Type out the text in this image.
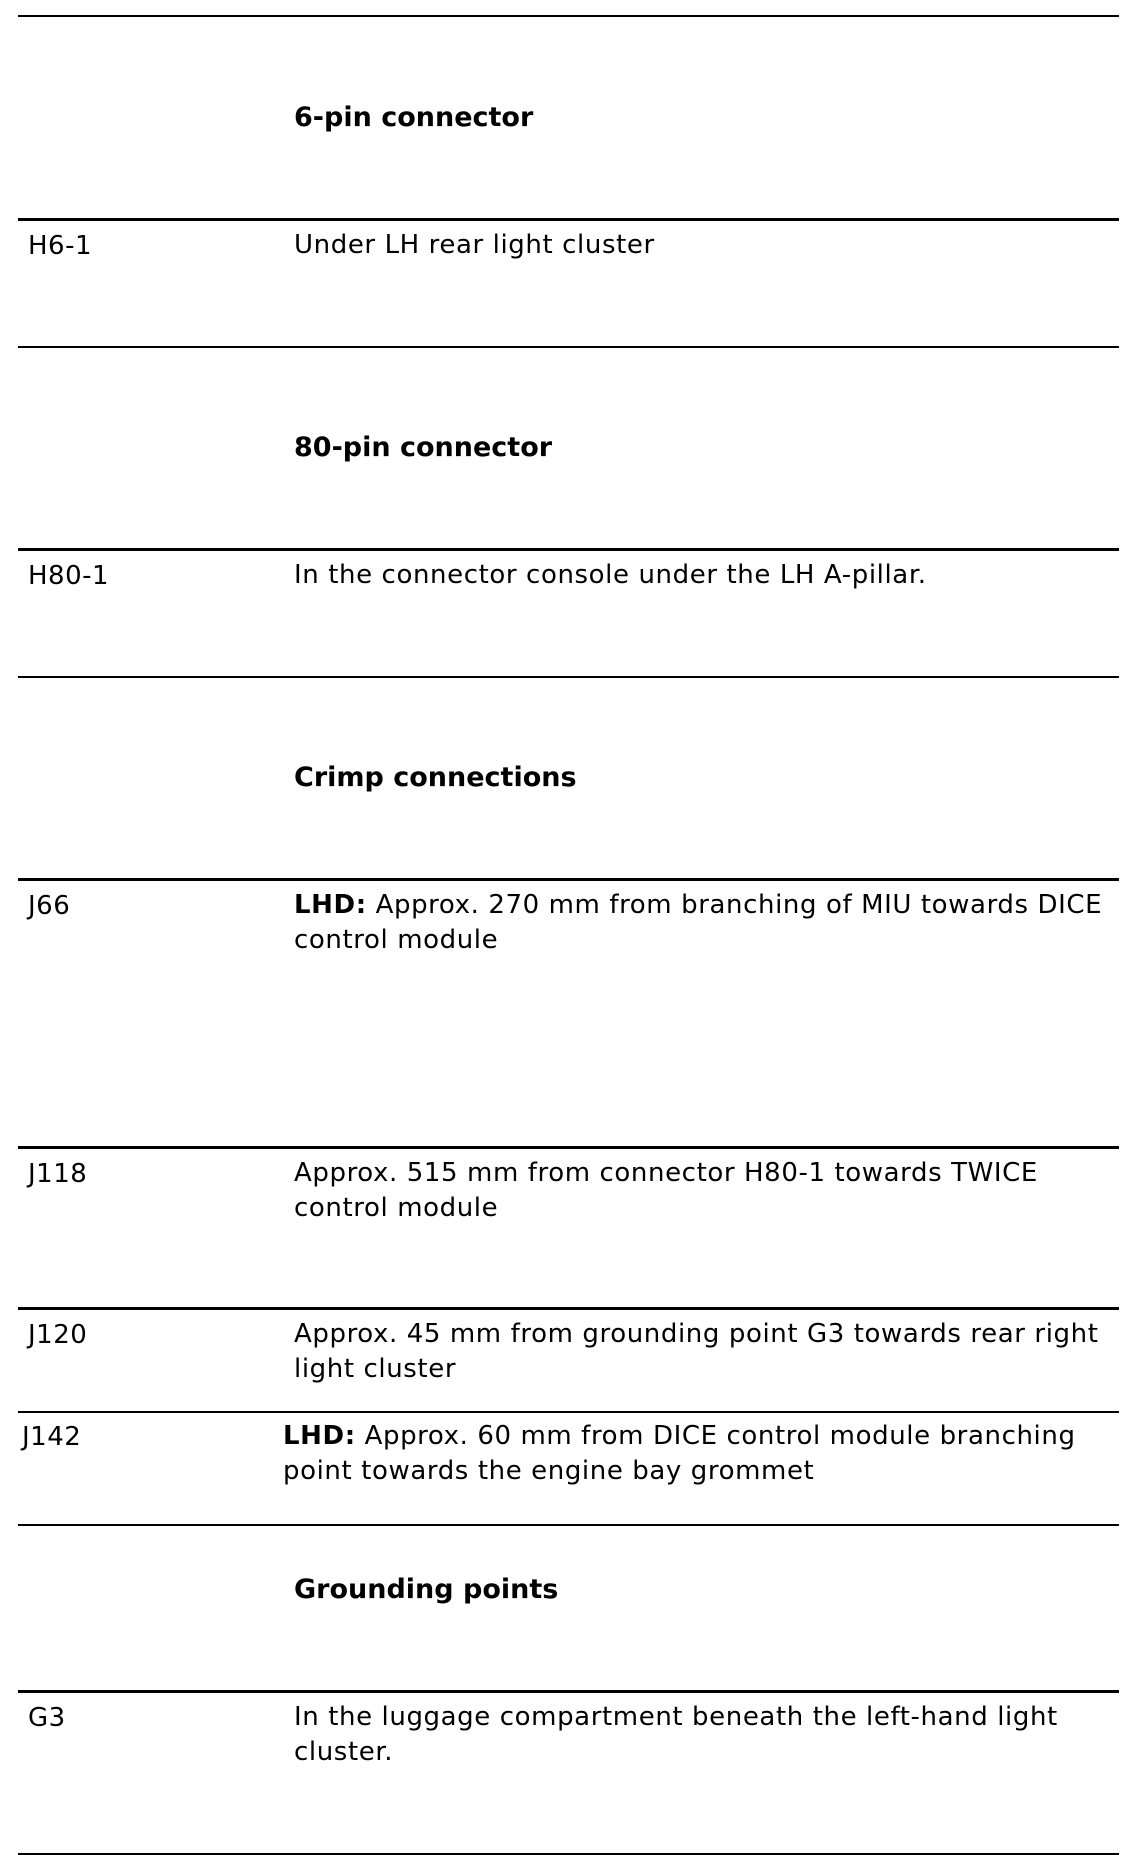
6-pin connector
H6-1	Under LH rear light cluster
80-pin connector
H80-1	In the connector console under the LH A-pillar.
Crimp connections
J66	LHD: Approx. 270 mm from branching of MIU towards DICE control module
J118	Approx. 515 mm from connector H80-1 towards TWICE control module
J120	Approx. 45 mm from grounding point G3 towards rear right light cluster
J142	LHD: Approx. 60 mm from DICE control module branching point towards the engine bay grommet
Grounding points
G3	In the luggage compartment beneath the left-hand light cluster.
